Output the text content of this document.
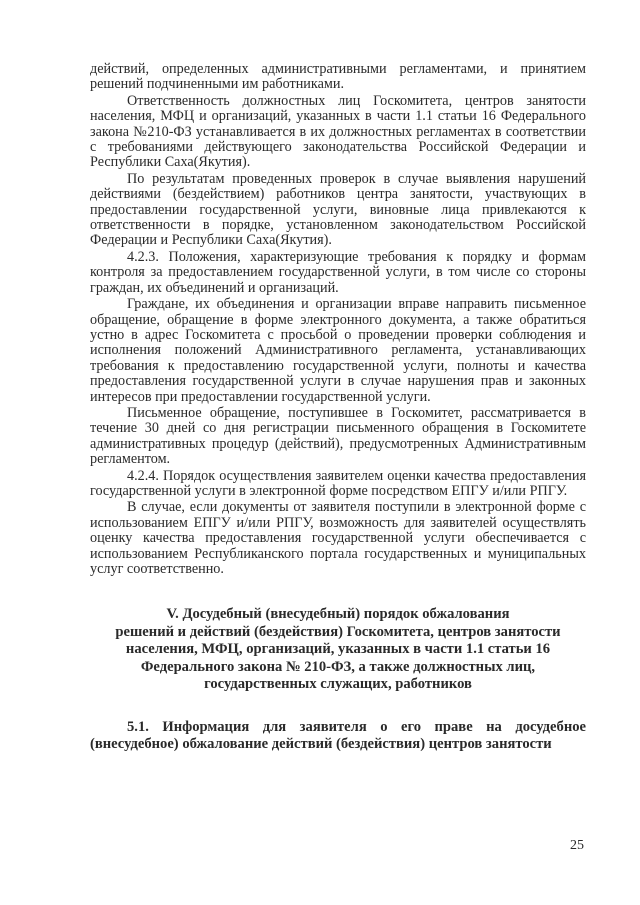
действий, определенных административными регламентами, и принятием решений подчиненными им работниками.

Ответственность должностных лиц Госкомитета, центров занятости населения, МФЦ и организаций, указанных в части 1.1 статьи 16 Федерального закона №210-ФЗ устанавливается в их должностных регламентах в соответствии с требованиями действующего законодательства Российской Федерации и Республики Саха(Якутия).

По результатам проведенных проверок в случае выявления нарушений действиями (бездействием) работников центра занятости, участвующих в предоставлении государственной услуги, виновные лица привлекаются к ответственности в порядке, установленном законодательством Российской Федерации и Республики Саха(Якутия).

4.2.3. Положения, характеризующие требования к порядку и формам контроля за предоставлением государственной услуги, в том числе со стороны граждан, их объединений и организаций.

Граждане, их объединения и организации вправе направить письменное обращение, обращение в форме электронного документа, а также обратиться устно в адрес Госкомитета с просьбой о проведении проверки соблюдения и исполнения положений Административного регламента, устанавливающих требования к предоставлению государственной услуги, полноты и качества предоставления государственной услуги в случае нарушения прав и законных интересов при предоставлении государственной услуги.

Письменное обращение, поступившее в Госкомитет, рассматривается в течение 30 дней со дня регистрации письменного обращения в Госкомитете административных процедур (действий), предусмотренных Административным регламентом.

4.2.4. Порядок осуществления заявителем оценки качества предоставления государственной услуги в электронной форме посредством ЕПГУ и/или РПГУ.

В случае, если документы от заявителя поступили в электронной форме с использованием ЕПГУ и/или РПГУ, возможность для заявителей осуществлять оценку качества предоставления государственной услуги обеспечивается с использованием Республиканского портала государственных и муниципальных услуг соответственно.

V. Досудебный (внесудебный) порядок обжалования
решений и действий (бездействия) Госкомитета, центров занятости
населения, МФЦ, организаций, указанных в части 1.1 статьи 16
Федерального закона № 210-ФЗ, а также должностных лиц,
государственных служащих, работников

5.1. Информация для заявителя о его праве на досудебное (внесудебное) обжалование действий (бездействия) центров занятости

25
